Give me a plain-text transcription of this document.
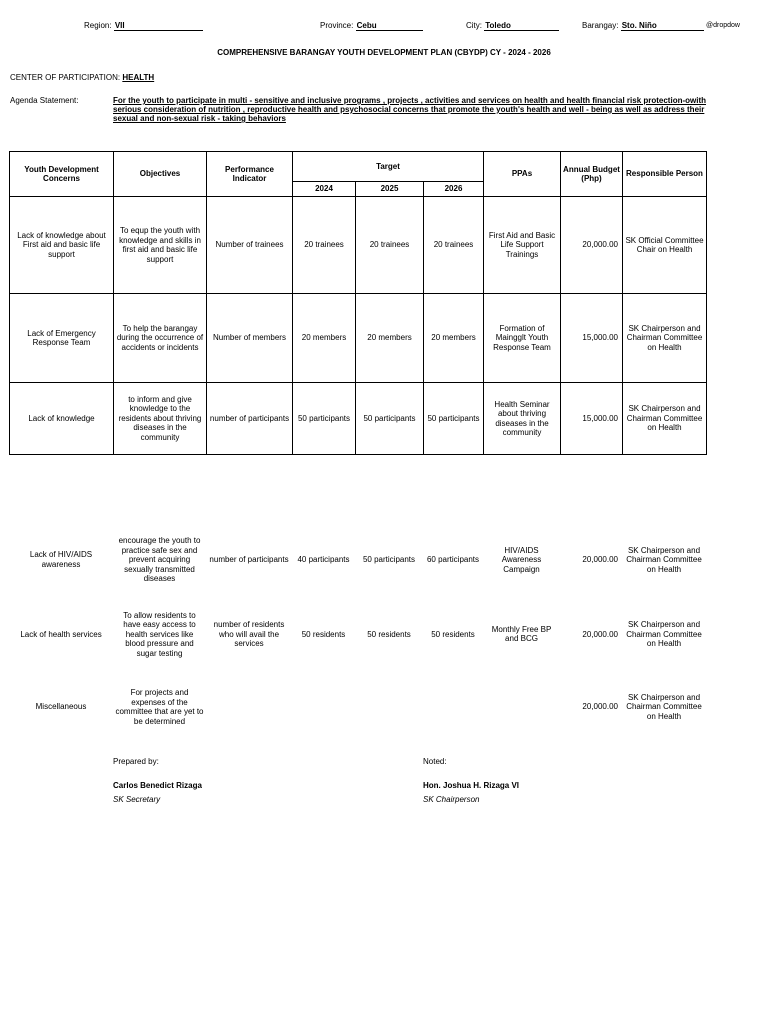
Region: VII	Province: Cebu	City: Toledo	Barangay: Sto. Niño	@dropdow
COMPREHENSIVE BARANGAY YOUTH DEVELOPMENT PLAN (CBYDP) CY - 2024 - 2026
CENTER OF PARTICIPATION: HEALTH
Agenda Statement:	For the youth to participate in multi - sensitive and inclusive programs , projects , activities and services on health and health financial risk protection-owith serious consideration of nutrition , reproductive health and psychosocial concerns that promote the youth's health and well - being as well as address their sexual and non-sexual risk - taking behaviors
Youth Development Concerns	Objectives	Performance Indicator	Target			PPAs	Annual Budget (Php)	Responsible Person
			2024	2025	2026			
Lack of knowledge about First aid and basic life support	To equp the youth with knowledge and skills in first aid and basic life support	Number of trainees	20 trainees	20 trainees	20 trainees	First Aid and Basic Life Support Trainings	20,000.00	SK Official Committee Chair on Health
Lack of Emergency Response Team	To help the barangay during the occurrence of accidents or incidents	Number of members	20 members	20 members	20 members	Formation of Maingglt Youth Response Team	15,000.00	SK Chairperson and Chairman Committee on Health
Lack of knowledge	to inform and give knowledge to the residents about thriving diseases in the community	number of participants	50 participants	50 participants	50 participants	Health Seminar about thriving diseases in the community	15,000.00	SK Chairperson and Chairman Committee on Health
Lack of HIV/AIDS awareness	encourage the youth to practice safe sex and prevent acquiring sexually transmitted diseases	number of participants	40 participants	50 participants	60 participants	HIV/AIDS Awareness Campaign	20,000.00	SK Chairperson and Chairman Committee on Health

Lack of health services	To allow residents to have easy access to health services like blood pressure and sugar testing	number of residents who will avail the services	50 residents	50 residents	50 residents	Monthly Free BP and BCG	20,000.00	SK Chairperson and Chairman Committee on Health

Miscellaneous	For projects and expenses of the committee that are yet to be determined						20,000.00	SK Chairperson and Chairman Committee on Health
Prepared by:
Carlos Benedict Rizaga
SK Secretary
Noted:
Hon. Joshua H. Rizaga VI
SK Chairperson
